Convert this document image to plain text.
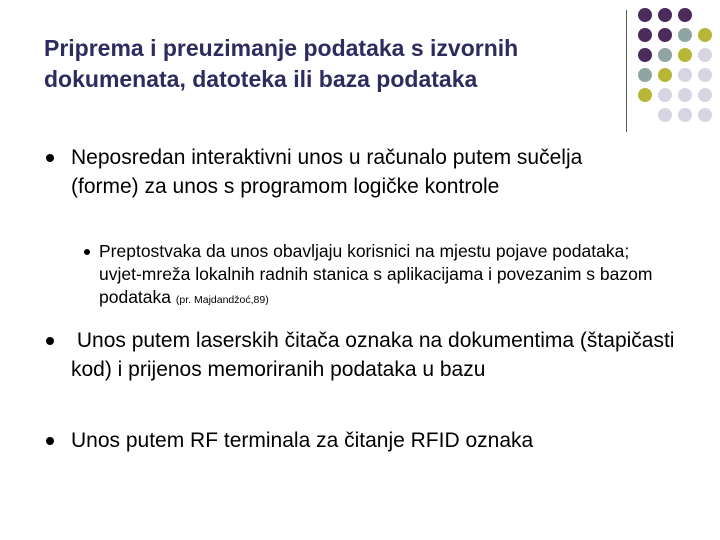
Priprema i preuzimanje podataka s izvornih dokumenata, datoteka ili baza podataka
Neposredan interaktivni unos u računalo putem sučelja (forme) za unos s programom logičke kontrole
Preptostvaka da unos obavljaju korisnici na mjestu pojave podataka; uvjet-mreža lokalnih radnih stanica s aplikacijama i povezanim s bazom podataka (pr. Majdandžoć,89)
Unos putem laserskih čitača oznaka na dokumentima (štapičasti kod) i prijenos memoriranih podataka u bazu
Unos putem RF terminala za čitanje RFID oznaka
